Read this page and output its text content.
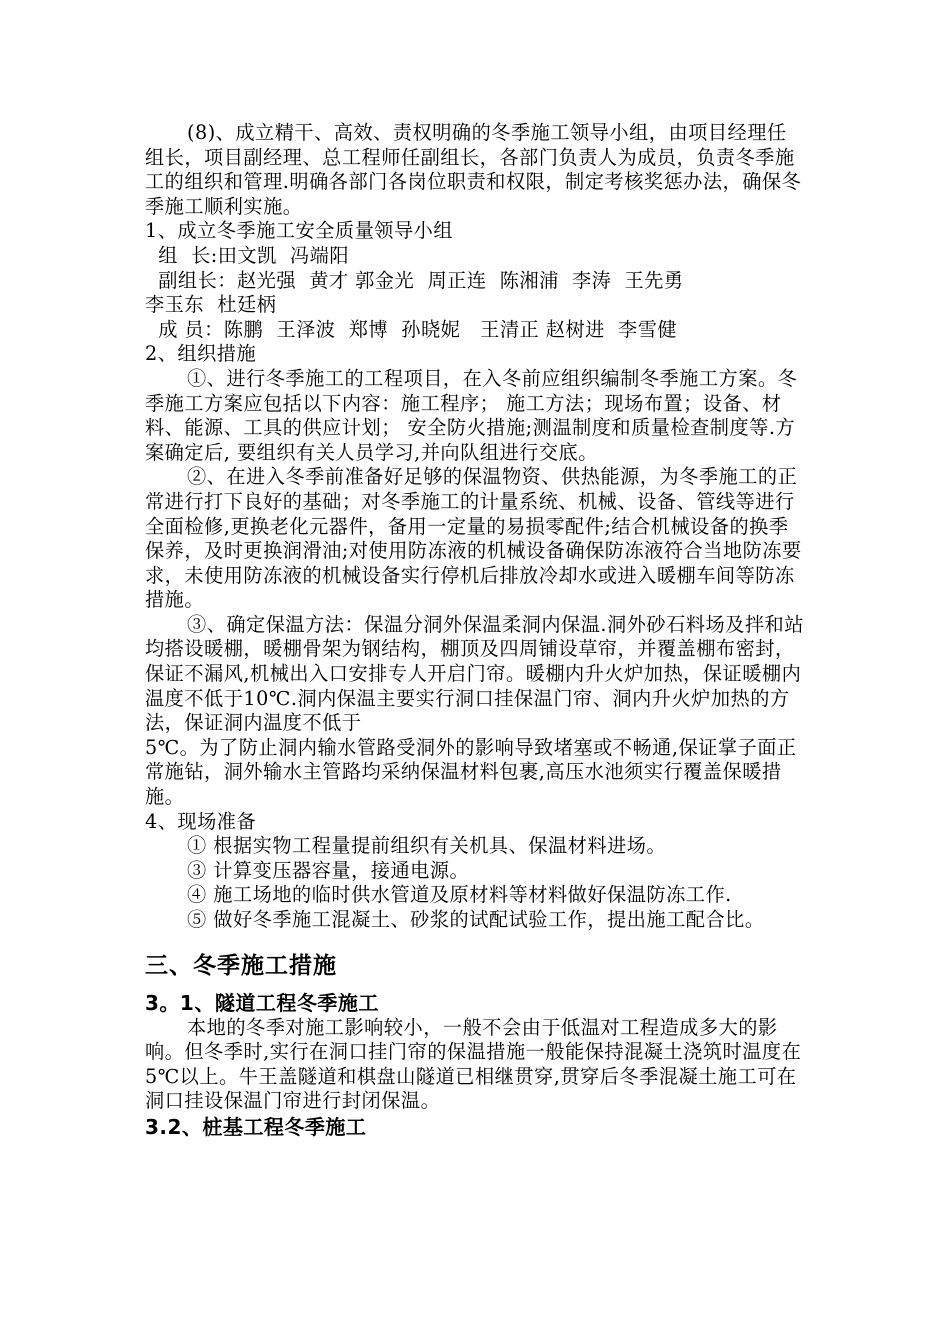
(8)、成立精干、高效、责权明确的冬季施工领导小组，由项目经理任组长，项目副经理、总工程师任副组长，各部门负责人为成员，负责冬季施工的组织和管理.明确各部门各岗位职责和权限，制定考核奖惩办法，确保冬季施工顺利实施。

1、成立冬季施工安全质量领导小组

组  长:田文凯  冯端阳

副组长：赵光强  黄才 郭金光  周正连  陈湘浦  李涛  王先勇

李玉东  杜廷柄

成 员：陈鹏  王泽波  郑博  孙晓妮   王清正 赵树进  李雪健

2、组织措施

①、进行冬季施工的工程项目，在入冬前应组织编制冬季施工方案。冬季施工方案应包括以下内容：施工程序； 施工方法；现场布置；设备、材料、能源、工具的供应计划； 安全防火措施;测温制度和质量检查制度等.方案确定后, 要组织有关人员学习,并向队组进行交底。

②、在进入冬季前准备好足够的保温物资、供热能源，为冬季施工的正常进行打下良好的基础；对冬季施工的计量系统、机械、设备、管线等进行全面检修,更换老化元器件，备用一定量的易损零配件;结合机械设备的换季保养，及时更换润滑油;对使用防冻液的机械设备确保防冻液符合当地防冻要求，未使用防冻液的机械设备实行停机后排放冷却水或进入暖棚车间等防冻措施。

③、确定保温方法：保温分洞外保温柔洞内保温.洞外砂石料场及拌和站均搭设暖棚，暖棚骨架为钢结构，棚顶及四周铺设草帘，并覆盖棚布密封，保证不漏风,机械出入口安排专人开启门帘。暖棚内升火炉加热，保证暖棚内温度不低于10℃.洞内保温主要实行洞口挂保温门帘、洞内升火炉加热的方法，保证洞内温度不低于

5℃。为了防止洞内输水管路受洞外的影响导致堵塞或不畅通,保证掌子面正常施钻，洞外输水主管路均采纳保温材料包裹,高压水池须实行覆盖保暖措施。

4、现场准备

① 根据实物工程量提前组织有关机具、保温材料进场。

③ 计算变压器容量，接通电源。

④ 施工场地的临时供水管道及原材料等材料做好保温防冻工作.

⑤ 做好冬季施工混凝土、砂浆的试配试验工作，提出施工配合比。

三、冬季施工措施
3。1、隧道工程冬季施工

本地的冬季对施工影响较小，一般不会由于低温对工程造成多大的影响。但冬季时,实行在洞口挂门帘的保温措施一般能保持混凝土浇筑时温度在5℃以上。牛王盖隧道和棋盘山隧道已相继贯穿,贯穿后冬季混凝土施工可在洞口挂设保温门帘进行封闭保温。

3.2、桩基工程冬季施工
